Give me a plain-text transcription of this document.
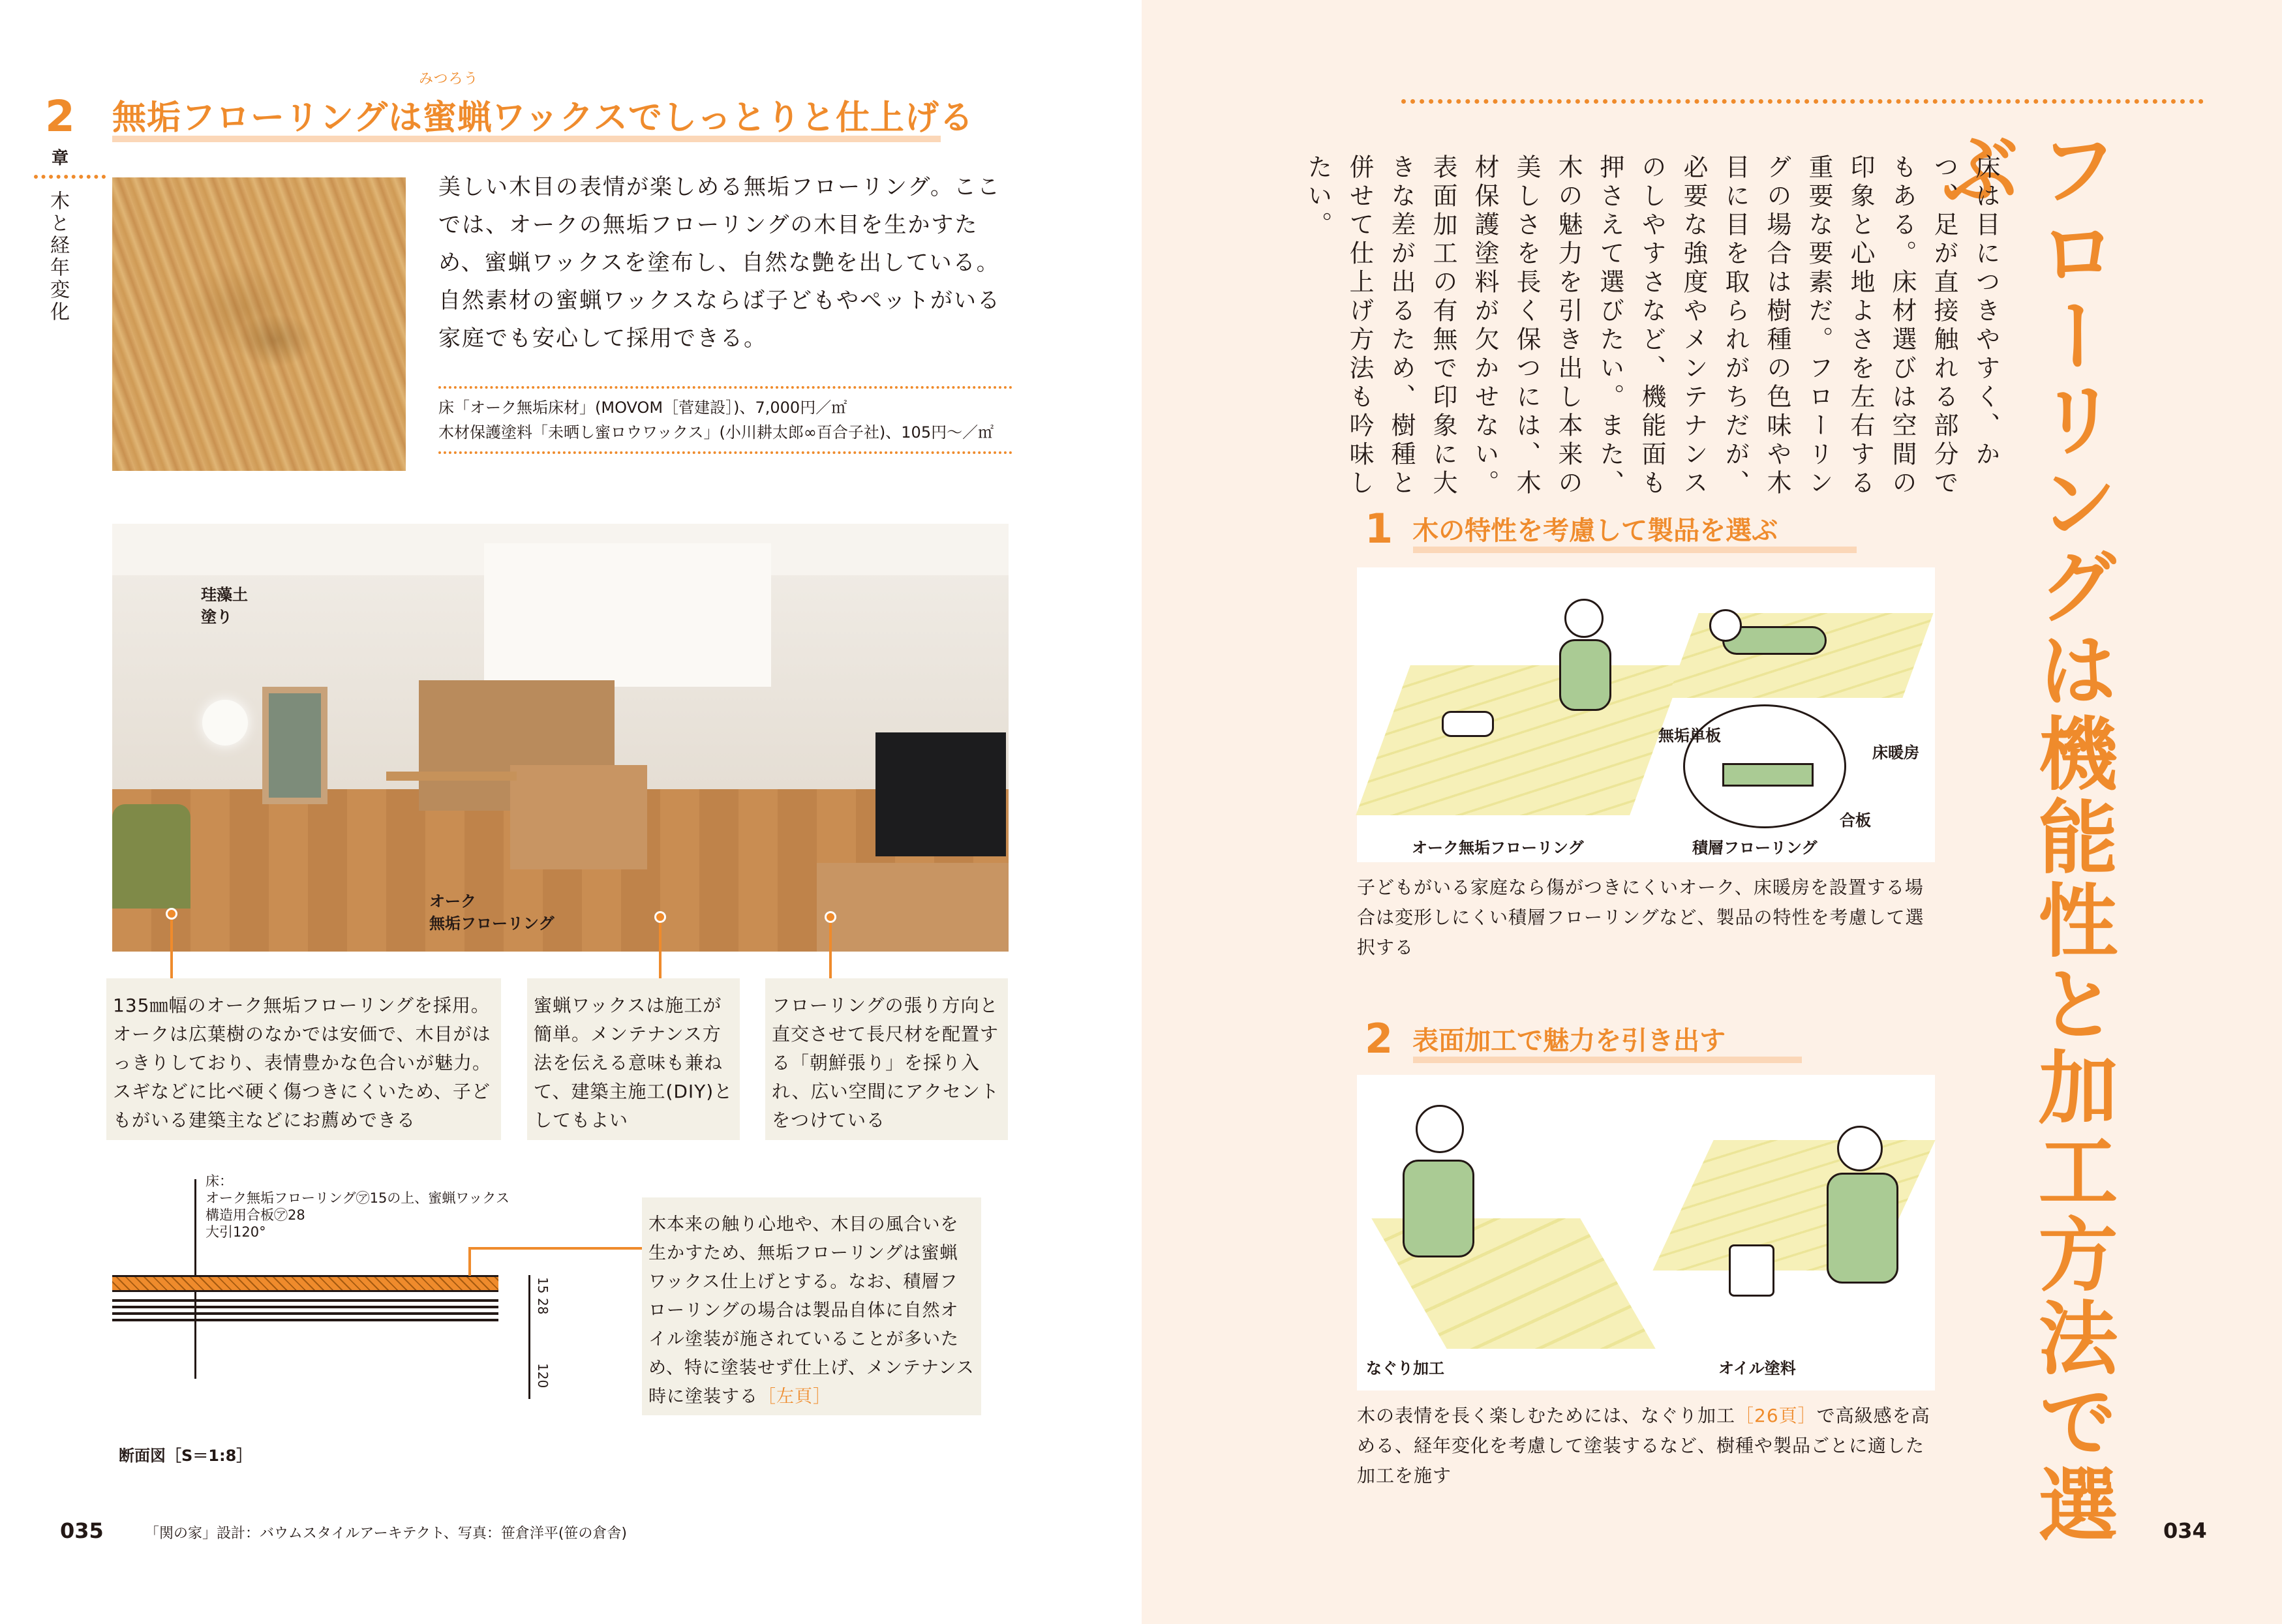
2
章
木と経年変化
無垢フローリングは蜜蝋ワックスでしっとりと仕上げる
みつろう
美しい木目の表情が楽しめる無垢フローリング。ここでは、オークの無垢フローリングの木目を生かすため、蜜蝋ワックスを塗布し、自然な艶を出している。自然素材の蜜蝋ワックスならば子どもやペットがいる家庭でも安心して採用できる。
床「オーク無垢床材」(MOVOM［菅建設］)、7,000円／㎡
木材保護塗料「未晒し蜜ロウワックス」(小川耕太郎∞百合子社)、105円〜／㎡
珪藻土
塗り
オーク
無垢フローリング
135㎜幅のオーク無垢フローリングを採用。オークは広葉樹のなかでは安価で、木目がはっきりしており、表情豊かな色合いが魅力。スギなどに比べ硬く傷つきにくいため、子どもがいる建築主などにお薦めできる
蜜蝋ワックスは施工が簡単。メンテナンス方法を伝える意味も兼ねて、建築主施工(DIY)としてもよい
フローリングの張り方向と直交させて長尺材を配置する「朝鮮張り」を採り入れ、広い空間にアクセントをつけている
床：
オーク無垢フローリング㋐15の上、蜜蝋ワックス
構造用合板㋐28
大引120°
15
28
120
断面図［S＝1:8］
木本来の触り心地や、木目の風合いを生かすため、無垢フローリングは蜜蝋ワックス仕上げとする。なお、積層フローリングの場合は製品自体に自然オイル塗装が施されていることが多いため、特に塗装せず仕上げ、メンテナンス時に塗装する［左頁］
035	「関の家」設計：バウムスタイルアーキテクト、写真：笹倉洋平(笹の倉舎)	フローリングは機能性と加工方法で選ぶ
床は目につきやすく、かつ、足が直接触れる部分でもある。床材選びは空間の印象と心地よさを左右する重要な要素だ。フローリングの場合は樹種の色味や木目に目を取られがちだが、必要な強度やメンテナンスのしやすさなど、機能面も押さえて選びたい。また、木の魅力を引き出し本来の美しさを長く保つには、木材保護塗料が欠かせない。表面加工の有無で印象に大きな差が出るため、樹種と併せて仕上げ方法も吟味したい。
1 木の特性を考慮して製品を選ぶ
無垢単板
床暖房
合板
オーク無垢フローリング	積層フローリング
子どもがいる家庭なら傷がつきにくいオーク、床暖房を設置する場合は変形しにくい積層フローリングなど、製品の特性を考慮して選択する
2 表面加工で魅力を引き出す
なぐり加工	オイル塗料
木の表情を長く楽しむためには、なぐり加工［26頁］で高級感を高める、経年変化を考慮して塗装するなど、樹種や製品ごとに適した加工を施す
034
